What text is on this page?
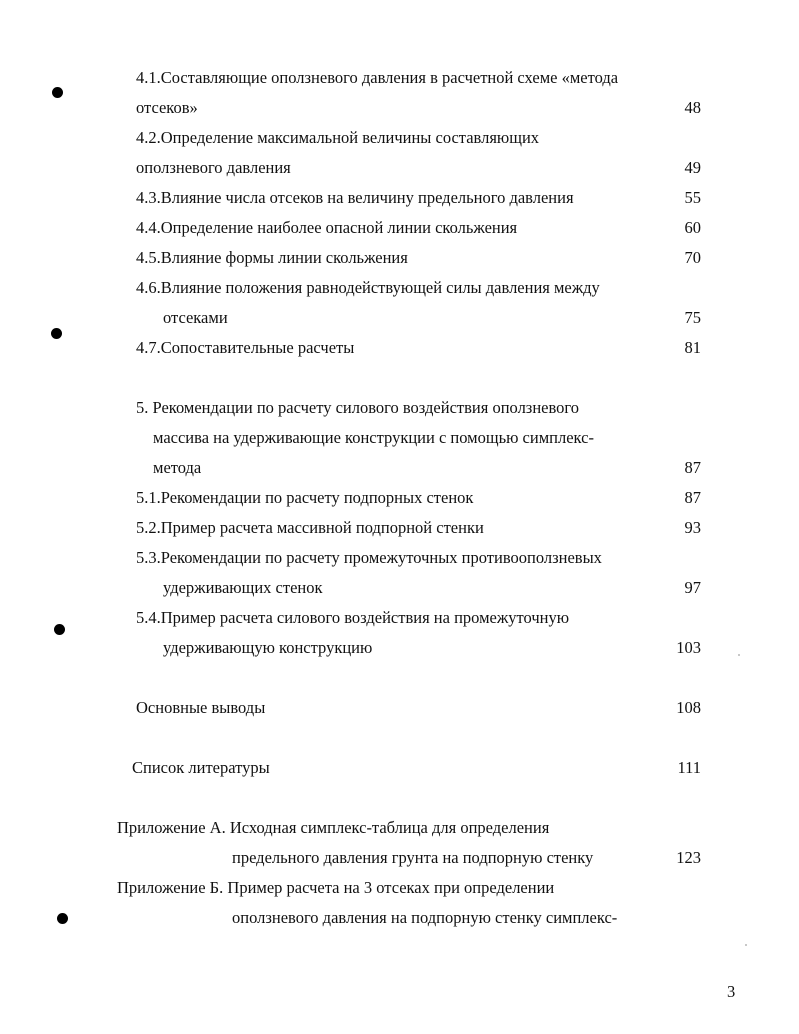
4.1.Составляющие оползневого давления в расчетной схеме «метода
отсеков»	48
4.2.Определение максимальной величины составляющих
оползневого давления	49
4.3.Влияние числа отсеков на величину предельного давления	55
4.4.Определение наиболее опасной линии скольжения	60
4.5.Влияние формы линии скольжения	70
4.6.Влияние положения равнодействующей силы давления между
отсеками	75
4.7.Сопоставительные расчеты	81
5. Рекомендации по расчету силового воздействия оползневого
массива на удерживающие конструкции с помощью симплекс-
метода	87
5.1.Рекомендации по расчету подпорных стенок	87
5.2.Пример расчета массивной подпорной стенки	93
5.3.Рекомендации по расчету промежуточных противооползневых
удерживающих стенок	97
5.4.Пример расчета силового воздействия на промежуточную
удерживающую конструкцию	103
Основные выводы	108
Список литературы	111
Приложение А. Исходная симплекс-таблица для определения
предельного давления грунта на подпорную стенку	123
Приложение Б. Пример расчета на 3 отсеках при определении
оползневого давления на подпорную стенку симплекс-
3
